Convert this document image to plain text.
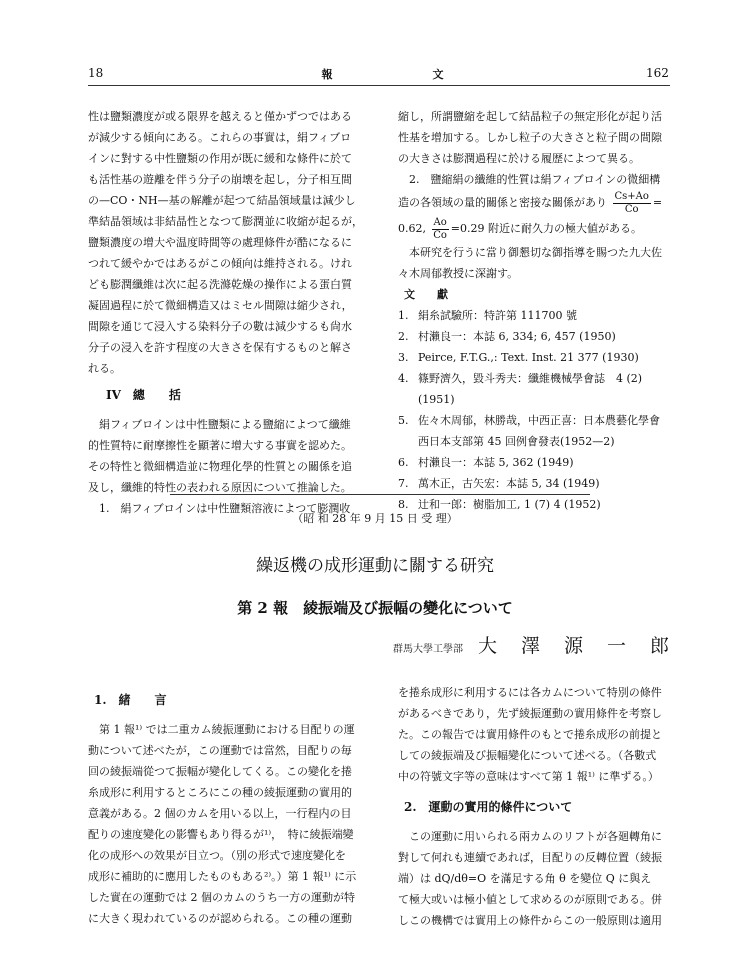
18	162
報	文

性は鹽類濃度が或る限界を越えると僅かずつではある

が減少する傾向にある。これらの事實は，絹フィブロ

インに對する中性鹽類の作用が既に緩和な條件に於て

も活性基の遊離を伴う分子の崩壊を起し，分子相互間

の—CO・NH—基の解離が起つて結晶領域量は減少し

準結晶領域は非結晶性となつて膨潤並に收縮が起るが，

鹽類濃度の增大や温度時間等の處理條件が酷になるに

つれて緩やかではあるがこの傾向は維持される。けれ

ども膨潤纖維は次に起る洗滌乾燥の操作による蛋白質

凝固過程に於て微細構造又はミセル間隙は縮少され，

間隙を通じて浸入する染料分子の數は減少するも尙水

分子の浸入を許す程度の大きさを保有するものと解さ

れる。

IV　總　　括

絹フィブロインは中性鹽類による鹽縮によつて纖維

的性質特に耐摩擦性を顯著に增大する事實を認めた。

その特性と微細構造並に物理化學的性質との關係を追

及し，纖維的特性の表われる原因について推論した。

1.　絹フィブロインは中性鹽類溶液によつて膨潤收

縮し，所謂鹽縮を起して結晶粒子の無定形化が起り活

性基を增加する。しかし粒子の大きさと粒子間の間隙

の大きさは膨潤過程に於ける履歴によつて異る。

2.　鹽縮絹の纖維的性質は絹フィブロインの微細構

造の各領域の量的關係と密接な關係があり $\frac{Cs+Ao}{Co}$ =

0.62, $\frac{Ao}{Co} =0.29$ 附近に耐久力の極大値がある。

本研究を行うに當り御懇切な御指導を賜つた九大佐

々木周郁教授に深謝す。

文　　獻

1. 絹糸試驗所：特許第 111700 號
2. 村瀨良一：本誌 6, 334; 6, 457 (1950)
3. Peirce, F.T.G.,: Text. Inst. 21 377 (1930)
4. 篠野濟久，毀斗秀夫：纖維機械學會誌　4 (2)
(1951)
5. 佐々木周郁，林勝哉，中西正喜：日本農藝化學會
西日本支部第 45 回例會發表(1952—2)
6. 村瀨良一：本誌 5, 362 (1949)
7. 萬木正，古矢宏：本誌 5, 34 (1949)
8. 辻和一郎：樹脂加工, 1 (7) 4 (1952)
（昭 和 28 年 9 月 15 日 受 理）
繰返機の成形運動に關する研究
第 2 報　綾振端及び振幅の變化について
群馬大學工學部 大澤源一郎

1.　緒　　言

第 1 報¹⁾ では二重カム綾振運動における目配りの運

動について述べたが，この運動では當然，目配りの毎

回の綾振端從つて振幅が變化してくる。この變化を捲

糸成形に利用するところにこの種の綾振運動の實用的

意義がある。2 個のカムを用いる以上，一行程内の目

配りの速度變化の影響もあり得るが¹⁾，　特に綾振端變

化の成形への效果が目立つ。（別の形式で速度變化を

成形に補助的に應用したものもある²⁾。）第 1 報¹⁾ に示

した實在の運動では 2 個のカムのうち一方の運動が特

に大きく現われているのが認められる。この種の運動

を捲糸成形に利用するには各カムについて特別の條件

があるべきであり，先ず綾振運動の實用條件を考察し

た。この報告では實用條件のもとで捲糸成形の前提と

しての綾振端及び振幅變化について述べる。（各數式

中の符號文字等の意味はすべて第 1 報¹⁾ に準ずる。）

2.　運動の實用的條件について

この運動に用いられる兩カムのリフトが各廻轉角に

對して何れも連續であれば，目配りの反轉位置（綾振

端）は dQ/dθ=O を滿足する角 θ を變位 Q に與え

て極大或いは極小値として求めるのが原則である。併

しこの機構では實用上の條件からこの一般原則は適用
